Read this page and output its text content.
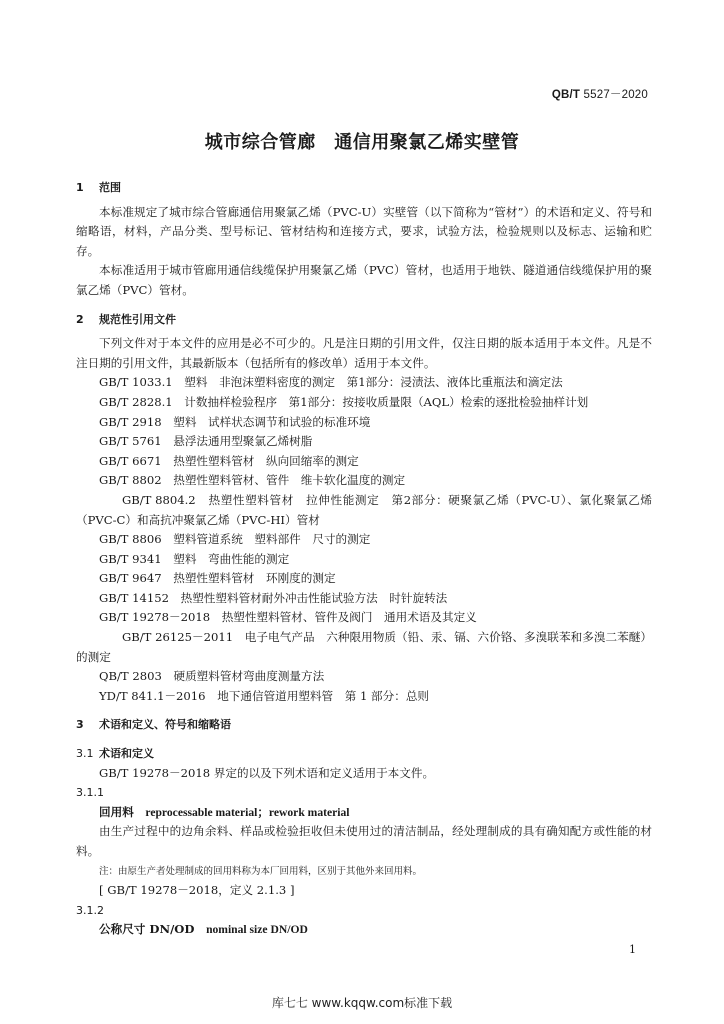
QB/T 5527－2020
城市综合管廊　通信用聚氯乙烯实壁管

1 范围

本标准规定了城市综合管廊通信用聚氯乙烯（PVC-U）实壁管（以下简称为“管材”）的术语和定义、符号和缩略语，材料，产品分类、型号标记、管材结构和连接方式，要求，试验方法，检验规则以及标志、运输和贮存。

本标准适用于城市管廊用通信线缆保护用聚氯乙烯（PVC）管材，也适用于地铁、隧道通信线缆保护用的聚氯乙烯（PVC）管材。

2 规范性引用文件

下列文件对于本文件的应用是必不可少的。凡是注日期的引用文件，仅注日期的版本适用于本文件。凡是不注日期的引用文件，其最新版本（包括所有的修改单）适用于本文件。

GB/T 1033.1　 塑料　非泡沫塑料密度的测定　第1部分：浸渍法、液体比重瓶法和滴定法

GB/T 2828.1　 计数抽样检验程序　第1部分：按接收质量限（AQL）检索的逐批检验抽样计划

GB/T 2918　 塑料　试样状态调节和试验的标准环境

GB/T 5761　 悬浮法通用型聚氯乙烯树脂

GB/T 6671　 热塑性塑料管材　纵向回缩率的测定

GB/T 8802　 热塑性塑料管材、管件　维卡软化温度的测定

GB/T 8804.2　 热塑性塑料管材　拉伸性能测定　第2部分：硬聚氯乙烯（PVC-U）、氯化聚氯乙烯（PVC-C）和高抗冲聚氯乙烯（PVC-HI）管材

GB/T 8806　 塑料管道系统　塑料部件　尺寸的测定

GB/T 9341　 塑料　弯曲性能的测定

GB/T 9647　 热塑性塑料管材　环刚度的测定

GB/T 14152　 热塑性塑料管材耐外冲击性能试验方法　时针旋转法

GB/T 19278－2018　 热塑性塑料管材、管件及阀门　通用术语及其定义

GB/T 26125－2011　 电子电气产品　六种限用物质（铅、汞、镉、六价铬、多溴联苯和多溴二苯醚）的测定

QB/T 2803　 硬质塑料管材弯曲度测量方法

YD/T 841.1－2016　 地下通信管道用塑料管　第 1 部分：总则

3 术语和定义、符号和缩略语

3.1 术语和定义

GB/T 19278－2018 界定的以及下列术语和定义适用于本文件。

3.1.1

回用料　 reprocessable material；rework material

由生产过程中的边角余料、样品或检验拒收但未使用过的清洁制品，经处理制成的具有确知配方或性能的材料。

注：由原生产者处理制成的回用料称为本厂回用料，区别于其他外来回用料。

[ GB/T 19278－2018，定义 2.1.3 ]

3.1.2

公称尺寸 DN/OD　 nominal size DN/OD

1
库七七 www.kqqw.com标准下载
